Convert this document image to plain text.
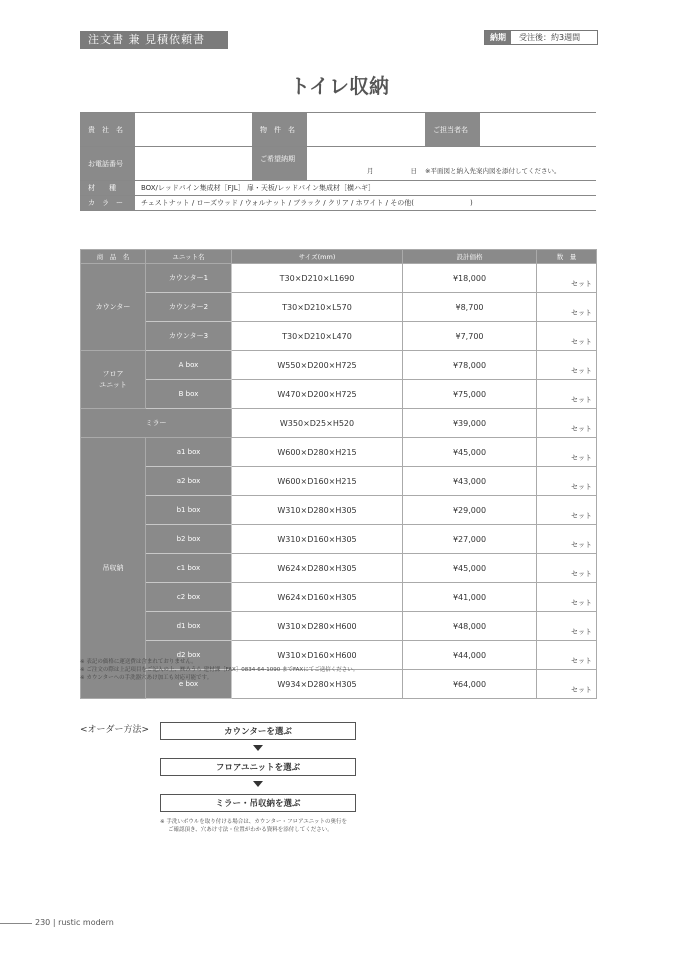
注文書 兼 見積依頼書	納期	受注後：約3週間
トイレ収納
貴　社　名	物　件　名	ご担当者名
お電話番号
ご希望納期
月	日 ※平面図と納入先案内図を添付してください。
材　　種	BOX/レッドパイン集成材［FJL］ 扉・天板/レッドパイン集成材［横ハギ］
カ　ラ　ー	チェストナット / ローズウッド / ウォルナット / ブラック / クリア / ホワイト / その他(　　　　　　　　)
商　品　名	ユニット名	サイズ(mm)	設計価格	数　量
カウンター	カウンター1	T30×D210×L1690	¥18,000	セット
	カウンター2	T30×D210×L570	¥8,700	セット
	カウンター3	T30×D210×L470	¥7,700	セット
フロア
ユニット	A box	W550×D200×H725	¥78,000	セット
	B box	W470×D200×H725	¥75,000	セット
ミラー		W350×D25×H520	¥39,000	セット
吊収納	a1 box	W600×D280×H215	¥45,000	セット
	a2 box	W600×D160×H215	¥43,000	セット
	b1 box	W310×D280×H305	¥29,000	セット
	b2 box	W310×D160×H305	¥27,000	セット
	c1 box	W624×D280×H305	¥45,000	セット
	c2 box	W624×D160×H305	¥41,000	セット
	d1 box	W310×D280×H600	¥48,000	セット
	d2 box	W310×D160×H600	¥44,000	セット
	e box	W934×D280×H305	¥64,000	セット
※ 表記の価格に運送費は含まれておりません。
※ ご注文の際は上記項目をご記入の上、㈱みうら 建材課［FAX］0834-64-1090 までFAXにてご送信ください。
※ カウンターへの手洗器穴あけ加工も対応可能です。
<オーダー方法>	カウンターを選ぶ
フロアユニットを選ぶ
ミラー・吊収納を選ぶ
※ 手洗いボウルを取り付ける場合は、カウンター・フロアユニットの奥行を
ご確認頂き、穴あけ寸法・位置がわかる資料を添付してください。
230 | rustic modern
